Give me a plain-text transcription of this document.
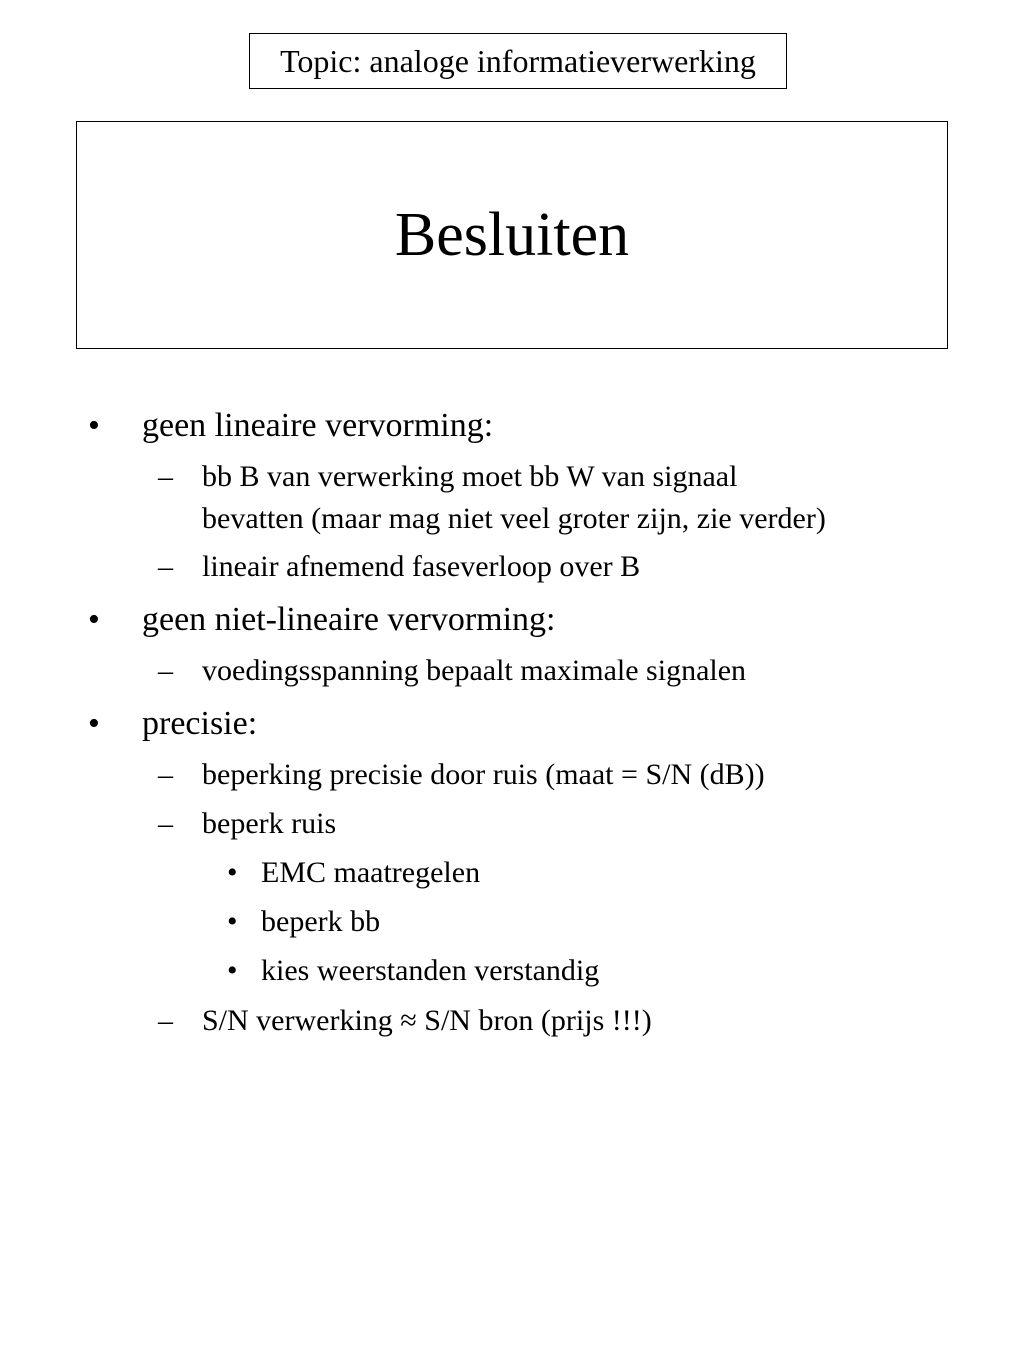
Topic: analoge informatieverwerking
Besluiten
• geen lineaire vervorming:
– bb B van verwerking moet bb W van signaal
bevatten (maar mag niet veel groter zijn, zie verder)
– lineair afnemend faseverloop over B
• geen niet-lineaire vervorming:
– voedingsspanning bepaalt maximale signalen
• precisie:
– beperking precisie door ruis (maat = S/N (dB))
– beperk ruis
• EMC maatregelen
• beperk bb
• kies weerstanden verstandig
– S/N verwerking ≈ S/N bron (prijs !!!)
